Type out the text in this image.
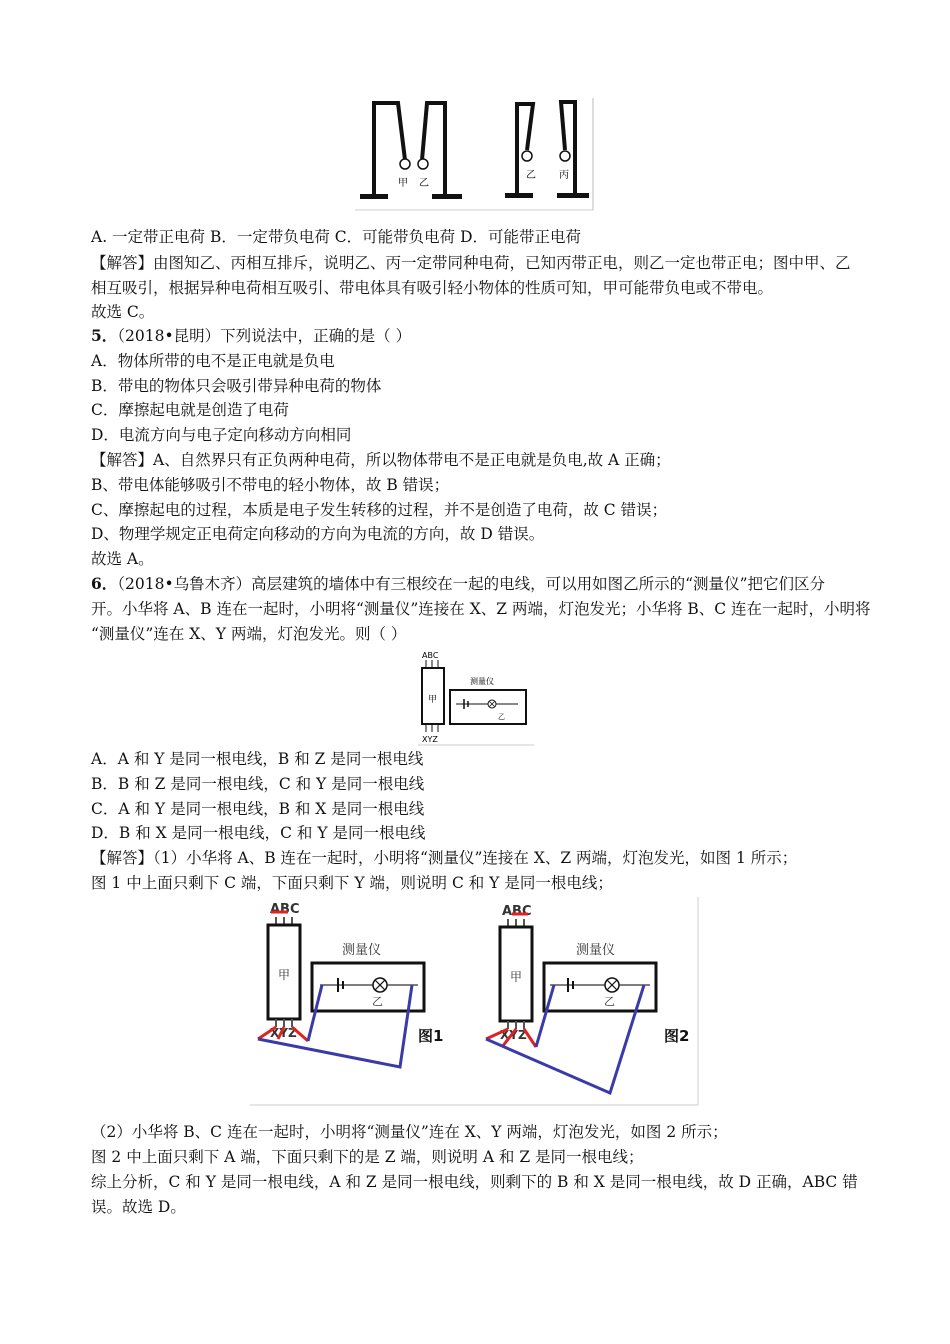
甲 乙
乙 丙
A. 一定带正电荷 B．一定带负电荷 C．可能带负电荷 D．可能带正电荷
【解答】由图知乙、丙相互排斥，说明乙、丙一定带同种电荷，已知丙带正电，则乙一定也带正电；图中甲、乙
相互吸引，根据异种电荷相互吸引、带电体具有吸引轻小物体的性质可知，甲可能带负电或不带电。
故选 C。
5．（2018•昆明）下列说法中，正确的是（ ）
A．物体所带的电不是正电就是负电
B．带电的物体只会吸引带异种电荷的物体
C．摩擦起电就是创造了电荷
D．电流方向与电子定向移动方向相同
【解答】A、自然界只有正负两种电荷，所以物体带电不是正电就是负电,故 A 正确；
B、带电体能够吸引不带电的轻小物体，故 B 错误；
C、摩擦起电的过程，本质是电子发生转移的过程，并不是创造了电荷，故 C 错误；
D、物理学规定正电荷定向移动的方向为电流的方向，故 D 错误。
故选 A。
6．（2018•乌鲁木齐）高层建筑的墙体中有三根绞在一起的电线，可以用如图乙所示的“测量仪”把它们区分
开。小华将 A、B 连在一起时，小明将“测量仪”连接在 X、Z 两端，灯泡发光；小华将 B、C 连在一起时，小明将
“测量仪”连在 X、Y 两端，灯泡发光。则（ ）
ABC
甲
XYZ
测量仪
乙
A．A 和 Y 是同一根电线，B 和 Z 是同一根电线
B．B 和 Z 是同一根电线，C 和 Y 是同一根电线
C．A 和 Y 是同一根电线，B 和 X 是同一根电线
D．B 和 X 是同一根电线，C 和 Y 是同一根电线
【解答】（1）小华将 A、B 连在一起时，小明将“测量仪”连接在 X、Z 两端，灯泡发光，如图 1 所示；
图 1 中上面只剩下 C 端，下面只剩下 Y 端，则说明 C 和 Y 是同一根电线；
ABC
甲
XYZ
测量仪
乙
图1
ABC
甲
XYZ
测量仪
乙
图2
（2）小华将 B、C 连在一起时，小明将“测量仪”连在 X、Y 两端，灯泡发光，如图 2 所示；
图 2 中上面只剩下 A 端，下面只剩下的是 Z 端，则说明 A 和 Z 是同一根电线；
综上分析，C 和 Y 是同一根电线，A 和 Z 是同一根电线，则剩下的 B 和 X 是同一根电线，故 D 正确，ABC 错
误。故选 D。
